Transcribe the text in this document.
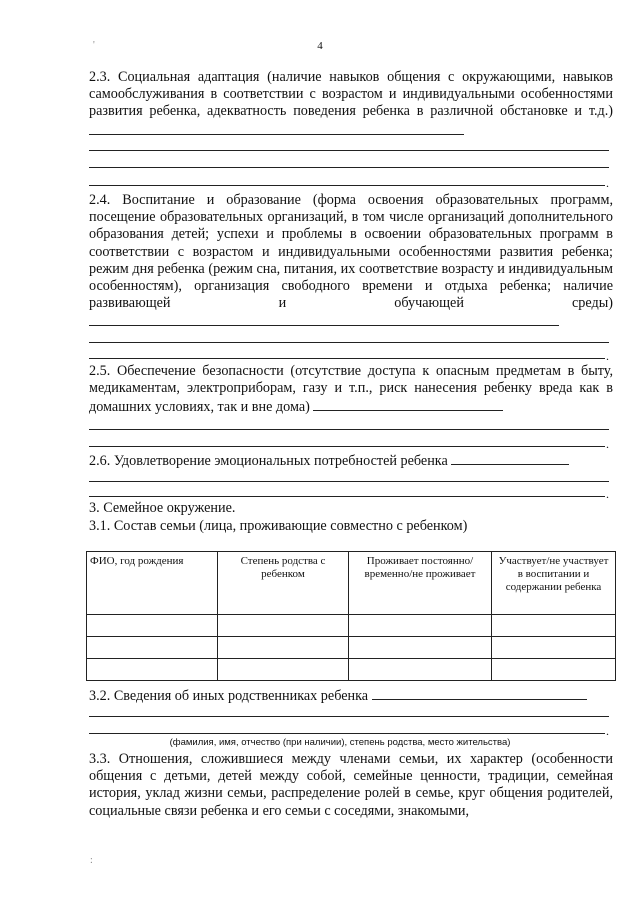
4
2.3. Социальная адаптация (наличие навыков общения с окружающими, навыков самообслуживания в соответствии с возрастом и индивидуальными особенностями развития ребенка, адекватность поведения ребенка в различной обстановке и т.д.)
.
2.4. Воспитание и образование (форма освоения образовательных программ, посещение образовательных организаций, в том числе организаций дополнительного образования детей; успехи и проблемы в освоении образовательных программ в соответствии с возрастом и индивидуальными особенностями развития ребенка; режим дня ребенка (режим сна, питания, их соответствие возрасту и индивидуальным особенностям), организация свободного времени и отдыха ребенка; наличие развивающей и обучающей среды)
.
2.5. Обеспечение безопасности (отсутствие доступа к опасным предметам в быту, медикаментам, электроприборам, газу и т.п., риск нанесения ребенку вреда как в домашних условиях, так и вне дома)
.
2.6. Удовлетворение эмоциональных потребностей ребенка
.
3. Семейное окружение.
3.1. Состав семьи (лица, проживающие совместно с ребенком)
ФИО, год рождения	Степень родства с ребенком	Проживает постоянно/временно/не проживает	Участвует/не участвует в воспитании и содержании ребенка

3.2. Сведения об иных родственниках ребенка
.
(фамилия, имя, отчество (при наличии), степень родства, место жительства)
3.3. Отношения, сложившиеся между членами семьи, их характер (особенности общения с детьми, детей между собой, семейные ценности, традиции, семейная история, уклад жизни семьи, распределение ролей в семье, круг общения родителей, социальные связи ребенка и его семьи с соседями, знакомыми,
'
:
